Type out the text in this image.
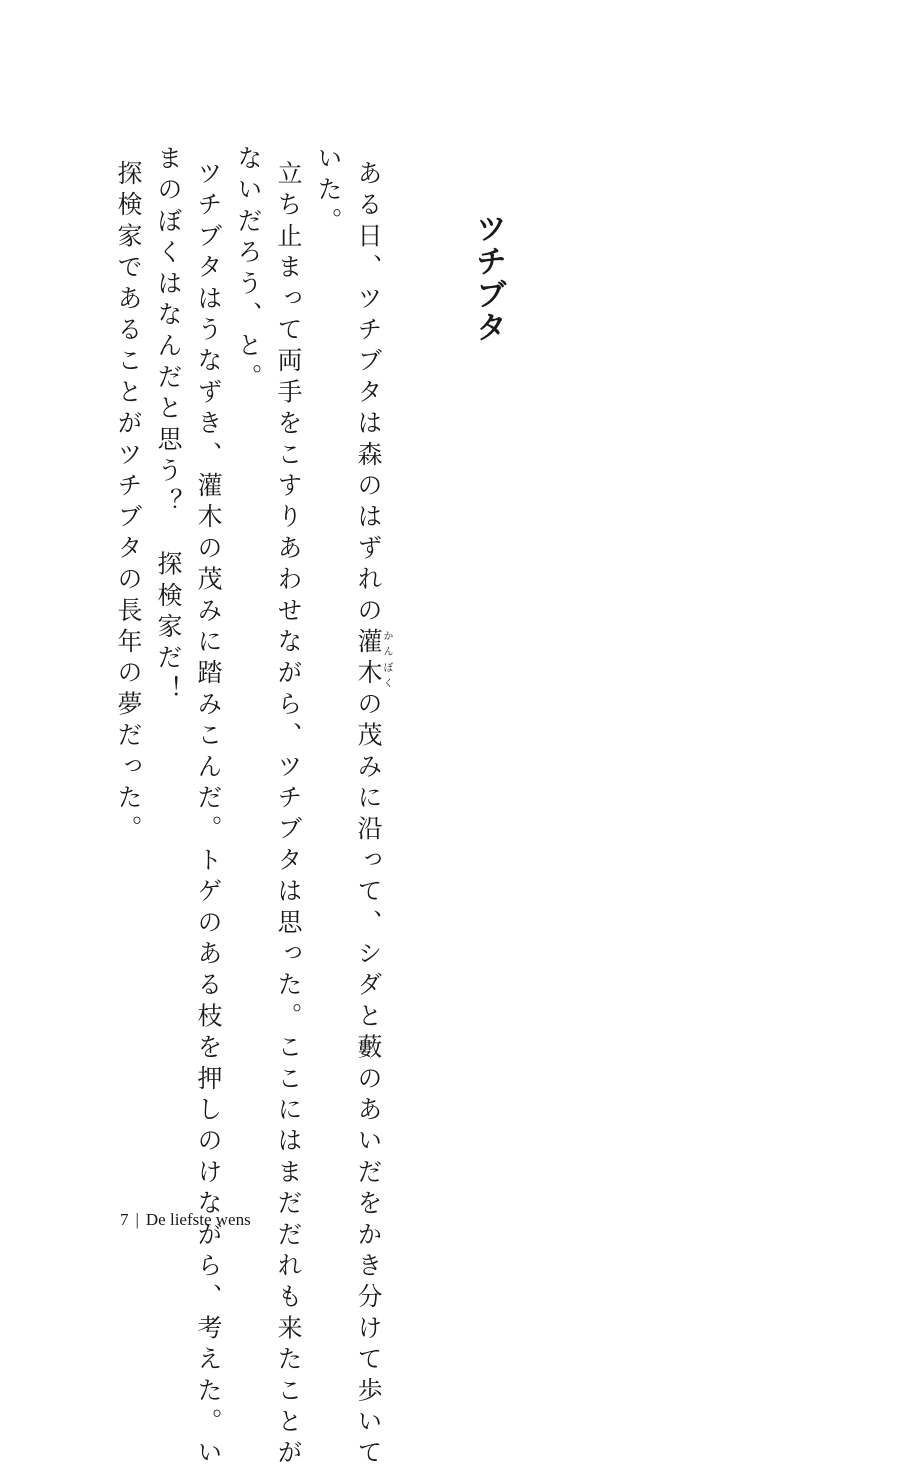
ツチブタ
ある日、ツチブタは森のはずれの灌木かんぼくの茂みに沿って、シダと藪のあいだをかき分けて歩いて
いた。
立ち止まって両手をこすりあわせながら、ツチブタは思った。ここにはまだだれも来たことが
ないだろう、と。
ツチブタはうなずき、灌木の茂みに踏みこんだ。トゲのある枝を押しのけながら、考えた。い
まのぼくはなんだと思う？　探検家だ！
探検家であることがツチブタの長年の夢だった。
7 | De liefste wens
